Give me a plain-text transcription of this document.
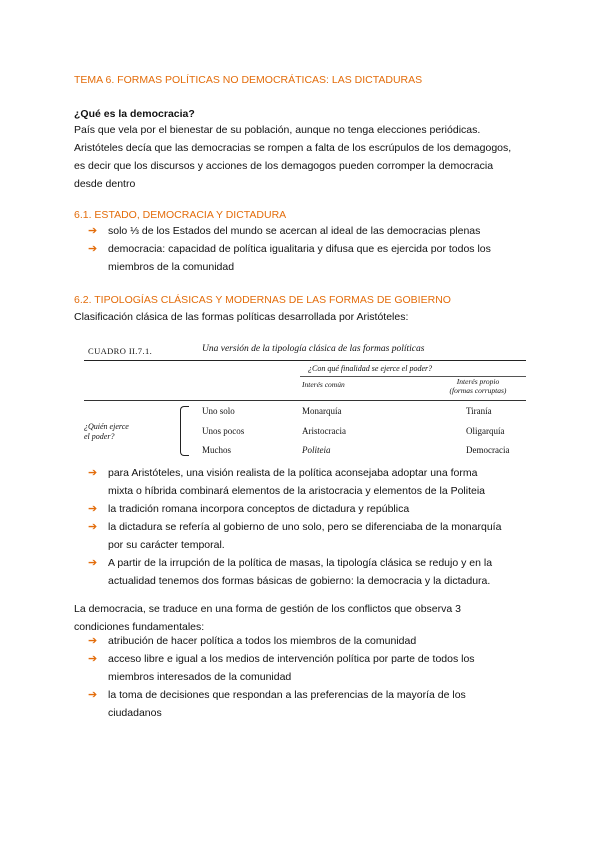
TEMA 6. FORMAS POLÍTICAS NO DEMOCRÁTICAS: LAS DICTADURAS
¿Qué es la democracia?
País que vela por el bienestar de su población, aunque no tenga elecciones periódicas.
Aristóteles decía que las democracias se rompen a falta de los escrúpulos de los demagogos,
es decir que los discursos y acciones de los demagogos pueden corromper la democracia
desde dentro
6.1. ESTADO, DEMOCRACIA Y DICTADURA
➔ solo ⅓ de los Estados del mundo se acercan al ideal de las democracias plenas
➔ democracia: capacidad de política igualitaria y difusa que es ejercida por todos los
miembros de la comunidad
6.2. TIPOLOGÍAS CLÁSICAS Y MODERNAS DE LAS FORMAS DE GOBIERNO
Clasificación clásica de las formas políticas desarrollada por Aristóteles:
CUADRO II.7.1.	Una versión de la tipología clásica de las formas políticas
¿Con qué finalidad se ejerce el poder?
Interés común	Interés propio
(formas corruptas)
¿Quién ejerce
el poder?
Uno solo	Monarquía	Tiranía
Unos pocos	Aristocracia	Oligarquía
Muchos	Politeia	Democracia
➔ para Aristóteles, una visión realista de la política aconsejaba adoptar una forma
mixta o híbrida combinará elementos de la aristocracia y elementos de la Politeia
➔ la tradición romana incorpora conceptos de dictadura y república
➔ la dictadura se refería al gobierno de uno solo, pero se diferenciaba de la monarquía
por su carácter temporal.
➔ A partir de la irrupción de la política de masas, la tipología clásica se redujo y en la
actualidad tenemos dos formas básicas de gobierno: la democracia y la dictadura.
La democracia, se traduce en una forma de gestión de los conflictos que observa 3
condiciones fundamentales:
➔ atribución de hacer política a todos los miembros de la comunidad
➔ acceso libre e igual a los medios de intervención política por parte de todos los
miembros interesados de la comunidad
➔ la toma de decisiones que respondan a las preferencias de la mayoría de los
ciudadanos
